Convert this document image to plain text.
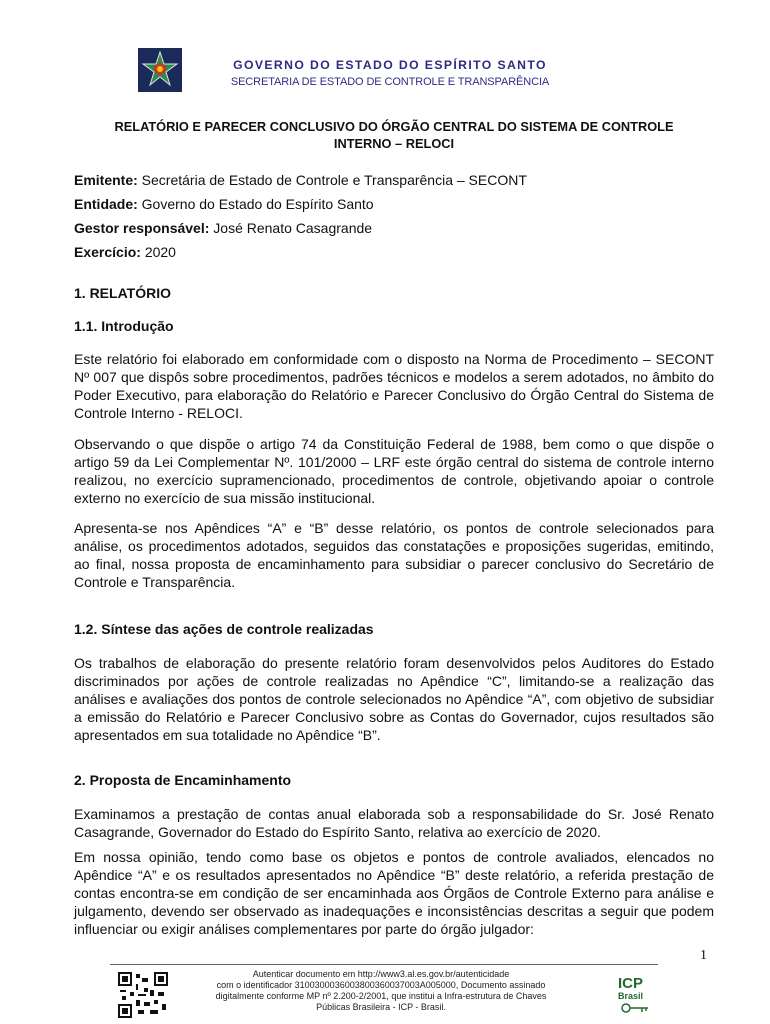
GOVERNO DO ESTADO DO ESPÍRITO SANTO
SECRETARIA DE ESTADO DE CONTROLE E TRANSPARÊNCIA
RELATÓRIO E PARECER CONCLUSIVO DO ÓRGÃO CENTRAL DO SISTEMA DE CONTROLE
INTERNO – RELOCI
Emitente: Secretária de Estado de Controle e Transparência – SECONT
Entidade: Governo do Estado do Espírito Santo
Gestor responsável: José Renato Casagrande
Exercício: 2020
1. RELATÓRIO
1.1. Introdução
Este relatório foi elaborado em conformidade com o disposto na Norma de Procedimento – SECONT Nº 007 que dispôs sobre procedimentos, padrões técnicos e modelos a serem adotados, no âmbito do Poder Executivo, para elaboração do Relatório e Parecer Conclusivo do Órgão Central do Sistema de Controle Interno - RELOCI.
Observando o que dispõe o artigo 74 da Constituição Federal de 1988, bem como o que dispõe o artigo 59 da Lei Complementar Nº. 101/2000 – LRF este órgão central do sistema de controle interno realizou, no exercício supramencionado, procedimentos de controle, objetivando apoiar o controle externo no exercício de sua missão institucional.
Apresenta-se nos Apêndices “A” e “B” desse relatório, os pontos de controle selecionados para análise, os procedimentos adotados, seguidos das constatações e proposições sugeridas, emitindo, ao final, nossa proposta de encaminhamento para subsidiar o parecer conclusivo do Secretário de Controle e Transparência.
1.2. Síntese das ações de controle realizadas
Os trabalhos de elaboração do presente relatório foram desenvolvidos pelos Auditores do Estado discriminados por ações de controle realizadas no Apêndice “C”, limitando-se a realização das análises e avaliações dos pontos de controle selecionados no Apêndice “A”, com objetivo de subsidiar a emissão do Relatório e Parecer Conclusivo sobre as Contas do Governador, cujos resultados são apresentados em sua totalidade no Apêndice “B”.
2. Proposta de Encaminhamento
Examinamos a prestação de contas anual elaborada sob a responsabilidade do Sr. José Renato Casagrande, Governador do Estado do Espírito Santo, relativa ao exercício de 2020.
Em nossa opinião, tendo como base os objetos e pontos de controle avaliados, elencados no Apêndice “A” e os resultados apresentados no Apêndice “B” deste relatório, a referida prestação de contas encontra-se em condição de ser encaminhada aos Órgãos de Controle Externo para análise e julgamento, devendo ser observado as inadequações e inconsistências descritas a seguir que podem influenciar ou exigir análises complementares por parte do órgão julgador:
1
Autenticar documento em http://www3.al.es.gov.br/autenticidade
com o identificador 3100300036003800360037003A005000, Documento assinado
digitalmente conforme MP nº 2.200-2/2001, que institui a Infra-estrutura de Chaves
Públicas Brasileira - ICP - Brasil.
ICP
Brasil
